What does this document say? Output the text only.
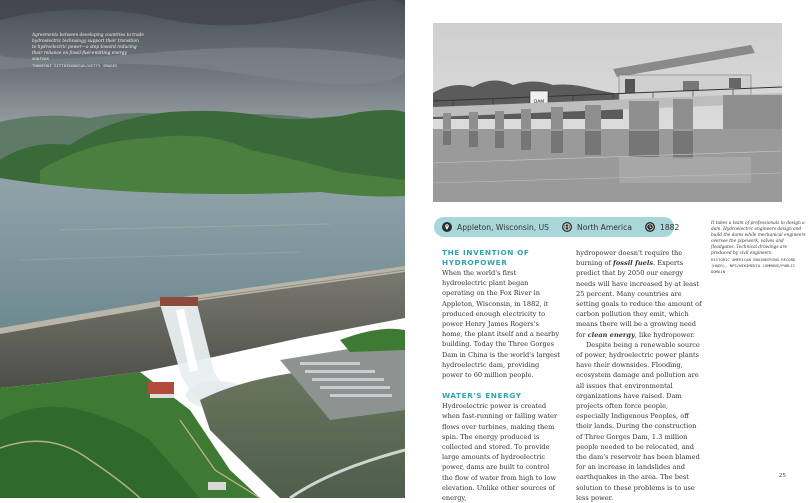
Agreements between developing countries to trade hydroelectric technology support their transition to hydroelectric power—a step toward reducing their reliance on fossil-fuel-emitting energy sources
THANCHAI SITTHIKONGSAK/GETTY IMAGES
DAM
Appleton, Wisconsin, US	North America	1882	It takes a team of professionals to design a dam. Hydroelectric engineers design and build the dams while mechanical engineers oversee the pipework, valves and floodgates. Technical drawings are produced by civil engineers.
HISTORIC AMERICAN ENGINEERING RECORD (HAER), NPS/WIKIMEDIA COMMONS/PUBLIC DOMAIN
THE INVENTION OF HYDROPOWER

When the world's first hydroelectric plant began operating on the Fox River in Appleton, Wisconsin, in 1882, it produced enough electricity to power Henry James Rogers's home, the plant itself and a nearby building. Today the Three Gorges Dam in China is the world's largest hydroelectric dam, providing power to 60 million people.

WATER'S ENERGY

Hydroelectric power is created when fast-running or falling water flows over turbines, making them spin. The energy produced is collected and stored. To provide large amounts of hydroelectric power, dams are built to control the flow of water from high to low elevation. Unlike other sources of energy,

hydropower doesn't require the burning of fossil fuels. Experts predict that by 2050 our energy needs will have increased by at least 25 percent. Many countries are setting goals to reduce the amount of carbon pollution they emit, which means there will be a growing need for clean energy, like hydropower.

Despite being a renewable source of power, hydroelectric power plants have their downsides. Flooding, ecosystem damage and pollution are all issues that environmental organizations have raised. Dam projects often force people, especially Indigenous Peoples, off their lands. During the construction of Three Gorges Dam, 1.3 million people needed to be relocated, and the dam's reservoir has been blamed for an increase in landslides and earthquakes in the area. The best solution to these problems is to use less power.

25
